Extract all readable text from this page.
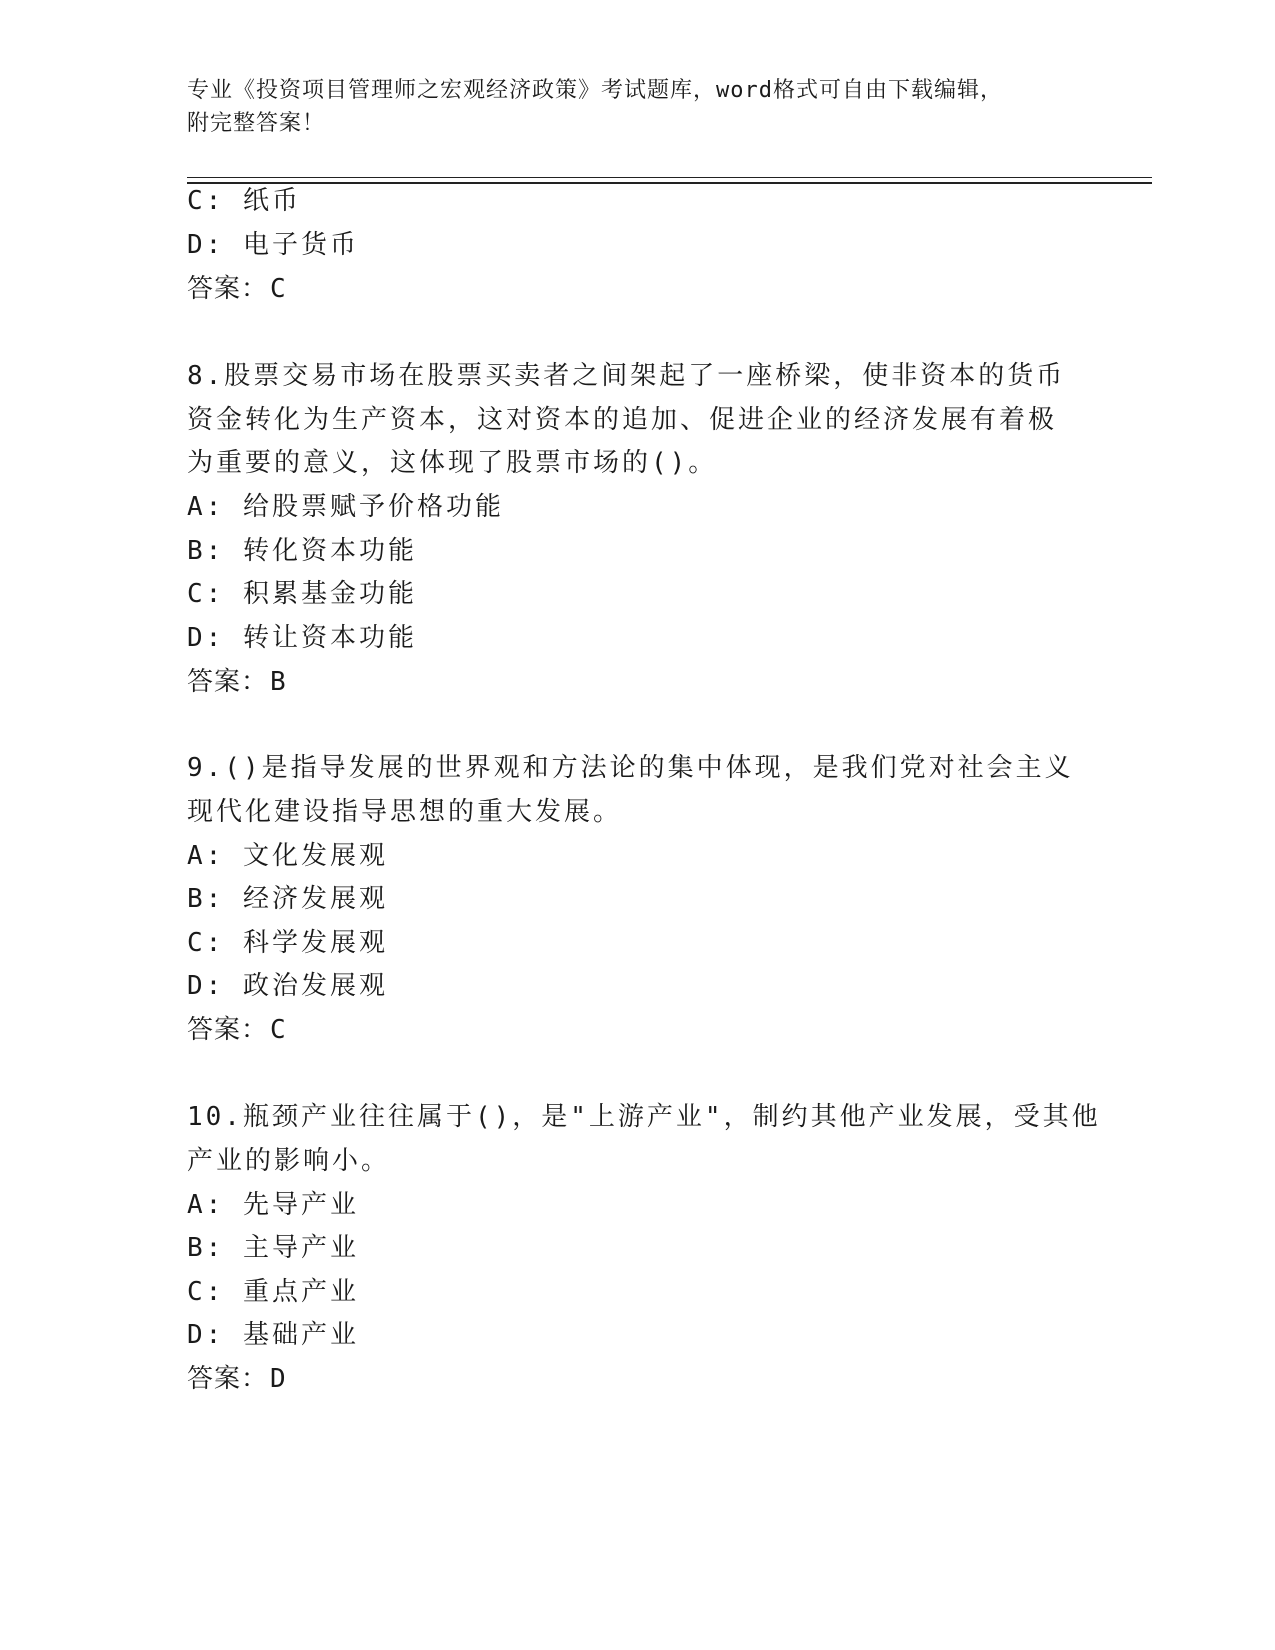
专业《投资项目管理师之宏观经济政策》考试题库，word格式可自由下载编辑，
附完整答案！
C: 纸币
D: 电子货币
答案：C
8.股票交易市场在股票买卖者之间架起了一座桥梁，使非资本的货币
资金转化为生产资本，这对资本的追加、促进企业的经济发展有着极
为重要的意义，这体现了股票市场的()。
A: 给股票赋予价格功能
B: 转化资本功能
C: 积累基金功能
D: 转让资本功能
答案：B
9.()是指导发展的世界观和方法论的集中体现，是我们党对社会主义
现代化建设指导思想的重大发展。
A: 文化发展观
B: 经济发展观
C: 科学发展观
D: 政治发展观
答案：C
10.瓶颈产业往往属于()，是"上游产业"，制约其他产业发展，受其他
产业的影响小。
A: 先导产业
B: 主导产业
C: 重点产业
D: 基础产业
答案：D
